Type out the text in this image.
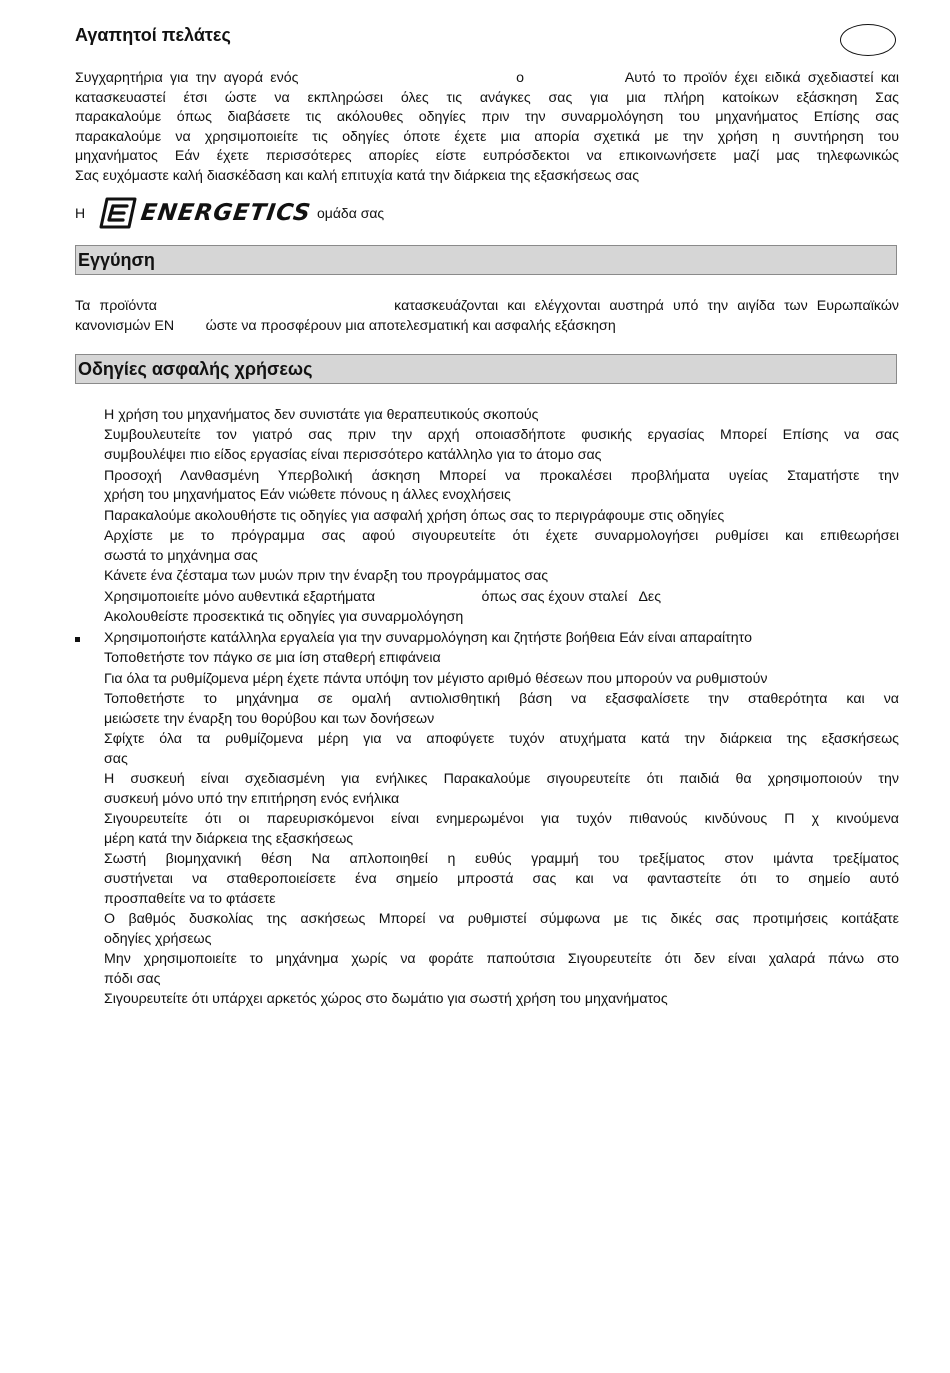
Αγαπητοί πελάτες
Συγχαρητήρια για την αγορά ενός                              ο              Αυτό το προϊόν έχει ειδικά σχεδιαστεί και
κατασκευαστεί έτσι ώστε να εκπληρώσει όλες τις ανάγκες σας για μια πλήρη κατοίκων εξάσκηση Σας
παρακαλούμε όπως διαβάσετε τις ακόλουθες οδηγίες πριν την συναρμολόγηση του μηχανήματος Επίσης σας
παρακαλούμε να χρησιμοποιείτε τις οδηγίες όποτε έχετε μια απορία σχετικά με την χρήση η συντήρηση του
μηχανήματος Εάν έχετε περισσότερες απορίες είστε ευπρόσδεκτοι να επικοινωνήσετε μαζί μας τηλεφωνικώς
Σας ευχόμαστε καλή διασκέδαση και καλή επιτυχία κατά την διάρκεια της εξασκήσεως σας
Η ENERGETICS ομάδα σας
Εγγύηση
Τα προϊόντα                          κατασκευάζονται και ελέγχονται αυστηρά υπό την αιγίδα των Ευρωπαϊκών
κανονισμών EN        ώστε να προσφέρουν μια αποτελεσματική και ασφαλής εξάσκηση
Οδηγίες ασφαλής χρήσεως
Η χρήση του μηχανήματος δεν συνιστάτε για θεραπευτικούς σκοπούς
Συμβουλευτείτε τον γιατρό σας πριν την αρχή οποιασδήποτε φυσικής εργασίας Μπορεί Επίσης να σας
συμβουλέψει πιο είδος εργασίας είναι περισσότερο κατάλληλο για το άτομο σας
Προσοχή Λανθασμένη Υπερβολική άσκηση Μπορεί να προκαλέσει προβλήματα υγείας Σταματήστε την
χρήση του μηχανήματος Εάν νιώθετε πόνους η άλλες ενοχλήσεις
Παρακαλούμε ακολουθήστε τις οδηγίες για ασφαλή χρήση όπως σας το περιγράφουμε στις οδηγίες
Αρχίστε με το πρόγραμμα σας αφού σιγουρευτείτε ότι έχετε συναρμολογήσει ρυθμίσει και επιθεωρήσει
σωστά το μηχάνημα σας
Κάνετε ένα ζέσταμα των μυών πριν την έναρξη του προγράμματος σας
Χρησιμοποιείτε μόνο αυθεντικά εξαρτήματα                           όπως σας έχουν σταλεί   Δες
Ακολουθείστε προσεκτικά τις οδηγίες για συναρμολόγηση
Χρησιμοποιήστε κατάλληλα εργαλεία για την συναρμολόγηση και ζητήστε βοήθεια Εάν είναι απαραίτητο
Τοποθετήστε τον πάγκο σε μια ίση σταθερή επιφάνεια
Για όλα τα ρυθμίζομενα μέρη έχετε πάντα υπόψη τον μέγιστο αριθμό θέσεων που μπορούν να ρυθμιστούν
Τοποθετήστε το μηχάνημα σε ομαλή αντιολισθητική βάση να εξασφαλίσετε την σταθερότητα και να
μειώσετε την έναρξη του θορύβου και των δονήσεων
Σφίχτε όλα τα ρυθμίζομενα μέρη για να αποφύγετε τυχόν ατυχήματα κατά την διάρκεια της εξασκήσεως
σας
Η συσκευή είναι σχεδιασμένη για ενήλικες Παρακαλούμε σιγουρευτείτε ότι παιδιά θα χρησιμοποιούν την
συσκευή μόνο υπό την επιτήρηση ενός ενήλικα
Σιγουρευτείτε ότι οι παρευρισκόμενοι είναι ενημερωμένοι για τυχόν πιθανούς κινδύνους Π χ κινούμενα
μέρη κατά την διάρκεια της εξασκήσεως
Σωστή βιομηχανική θέση Να απλοποιηθεί η ευθύς γραμμή του τρεξίματος στον ιμάντα τρεξίματος
συστήνεται να σταθεροποιείσετε ένα σημείο μπροστά σας και να φανταστείτε ότι το σημείο αυτό
προσπαθείτε να το φτάσετε
Ο βαθμός δυσκολίας της ασκήσεως Μπορεί να ρυθμιστεί σύμφωνα με τις δικές σας προτιμήσεις κοιτάξατε
οδηγίες χρήσεως
Μην χρησιμοποιείτε το μηχάνημα χωρίς να φοράτε παπούτσια Σιγουρευτείτε ότι δεν είναι χαλαρά πάνω στο
πόδι σας
Σιγουρευτείτε ότι υπάρχει αρκετός χώρος στο δωμάτιο για σωστή χρήση του μηχανήματος
